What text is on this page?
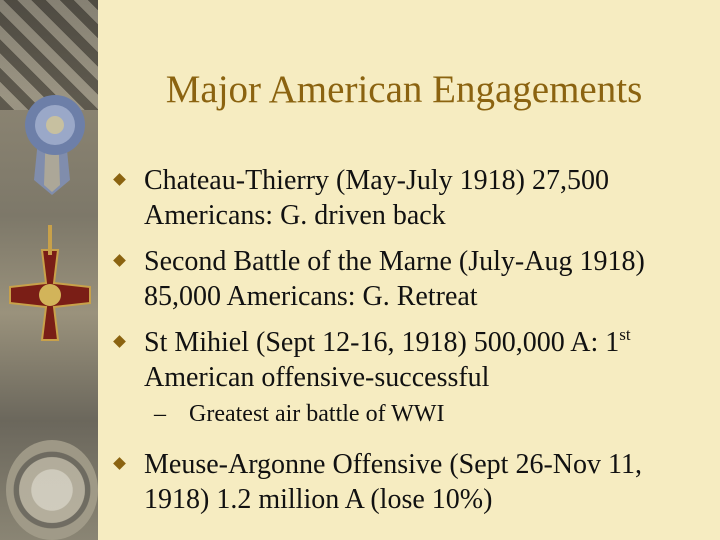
Major American Engagements
Chateau-Thierry (May-July 1918) 27,500 Americans: G. driven back
Second Battle of the Marne (July-Aug 1918) 85,000 Americans: G. Retreat
St Mihiel (Sept 12-16, 1918) 500,000 A: 1st American offensive-successful
– Greatest air battle of WWI
Meuse-Argonne Offensive (Sept 26-Nov 11, 1918) 1.2 million A (lose 10%)
